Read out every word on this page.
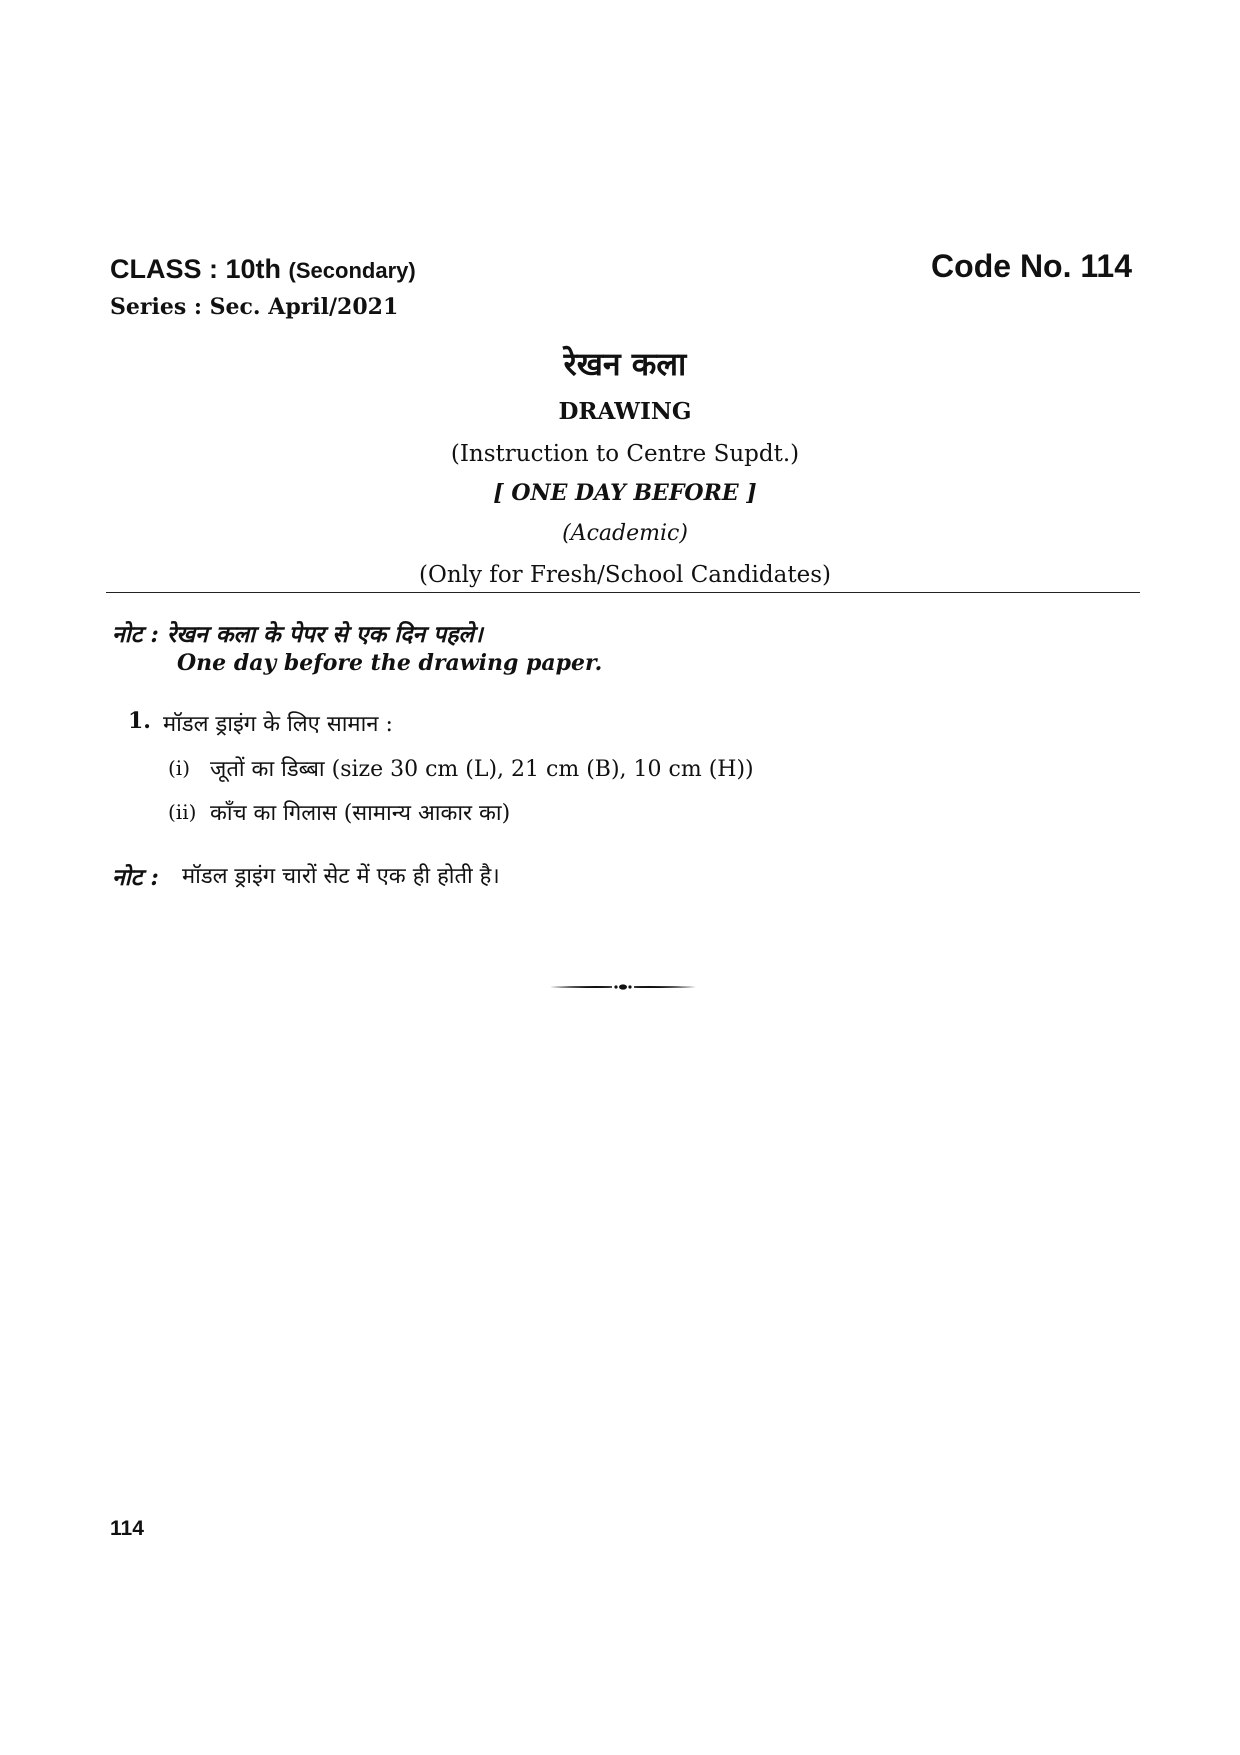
CLASS : 10th (Secondary)	Code No. 114
Series : Sec. April/2021
रेखन कला
DRAWING
(Instruction to Centre Supdt.)
[ ONE DAY BEFORE ]
(Academic)
(Only for Fresh/School Candidates)
नोट : रेखन कला के पेपर से एक दिन पहले।
One day before the drawing paper.
1. मॉडल ड्राइंग के लिए सामान :
(i) जूतों का डिब्बा (size 30 cm (L), 21 cm (B), 10 cm (H))
(ii) काँच का गिलास (सामान्य आकार का)
नोट : मॉडल ड्राइंग चारों सेट में एक ही होती है।
114
